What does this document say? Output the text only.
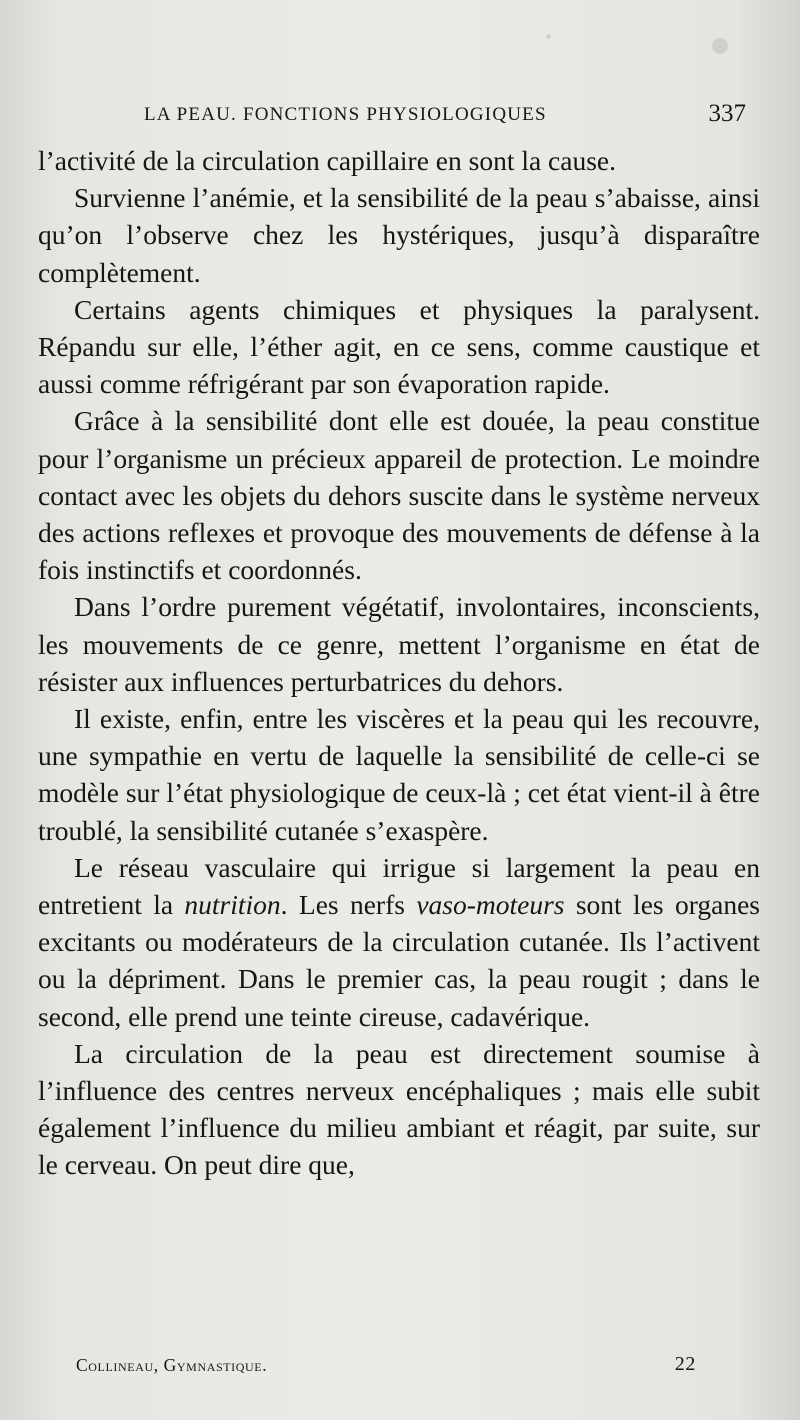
LA PEAU. FONCTIONS PHYSIOLOGIQUES	337

l’activité de la circulation capillaire en sont la cause.

Survienne l’anémie, et la sensibilité de la peau s’abaisse, ainsi qu’on l’observe chez les hystériques, jusqu’à disparaître complètement.

Certains agents chimiques et physiques la paralysent. Répandu sur elle, l’éther agit, en ce sens, comme caustique et aussi comme réfrigérant par son évaporation rapide.

Grâce à la sensibilité dont elle est douée, la peau constitue pour l’organisme un précieux appareil de protection. Le moindre contact avec les objets du dehors suscite dans le système nerveux des actions reflexes et provoque des mouvements de défense à la fois instinctifs et coordonnés.

Dans l’ordre purement végétatif, involontaires, inconscients, les mouvements de ce genre, mettent l’organisme en état de résister aux influences perturbatrices du dehors.

Il existe, enfin, entre les viscères et la peau qui les recouvre, une sympathie en vertu de laquelle la sensibilité de celle-ci se modèle sur l’état physiologique de ceux-là ; cet état vient-il à être troublé, la sensibilité cutanée s’exaspère.

Le réseau vasculaire qui irrigue si largement la peau en entretient la nutrition. Les nerfs vaso-moteurs sont les organes excitants ou modérateurs de la circulation cutanée. Ils l’activent ou la dépriment. Dans le premier cas, la peau rougit ; dans le second, elle prend une teinte cireuse, cadavérique.

La circulation de la peau est directement soumise à l’influence des centres nerveux encéphaliques ; mais elle subit également l’influence du milieu ambiant et réagit, par suite, sur le cerveau. On peut dire que,

Collineau, Gymnastique.	22
